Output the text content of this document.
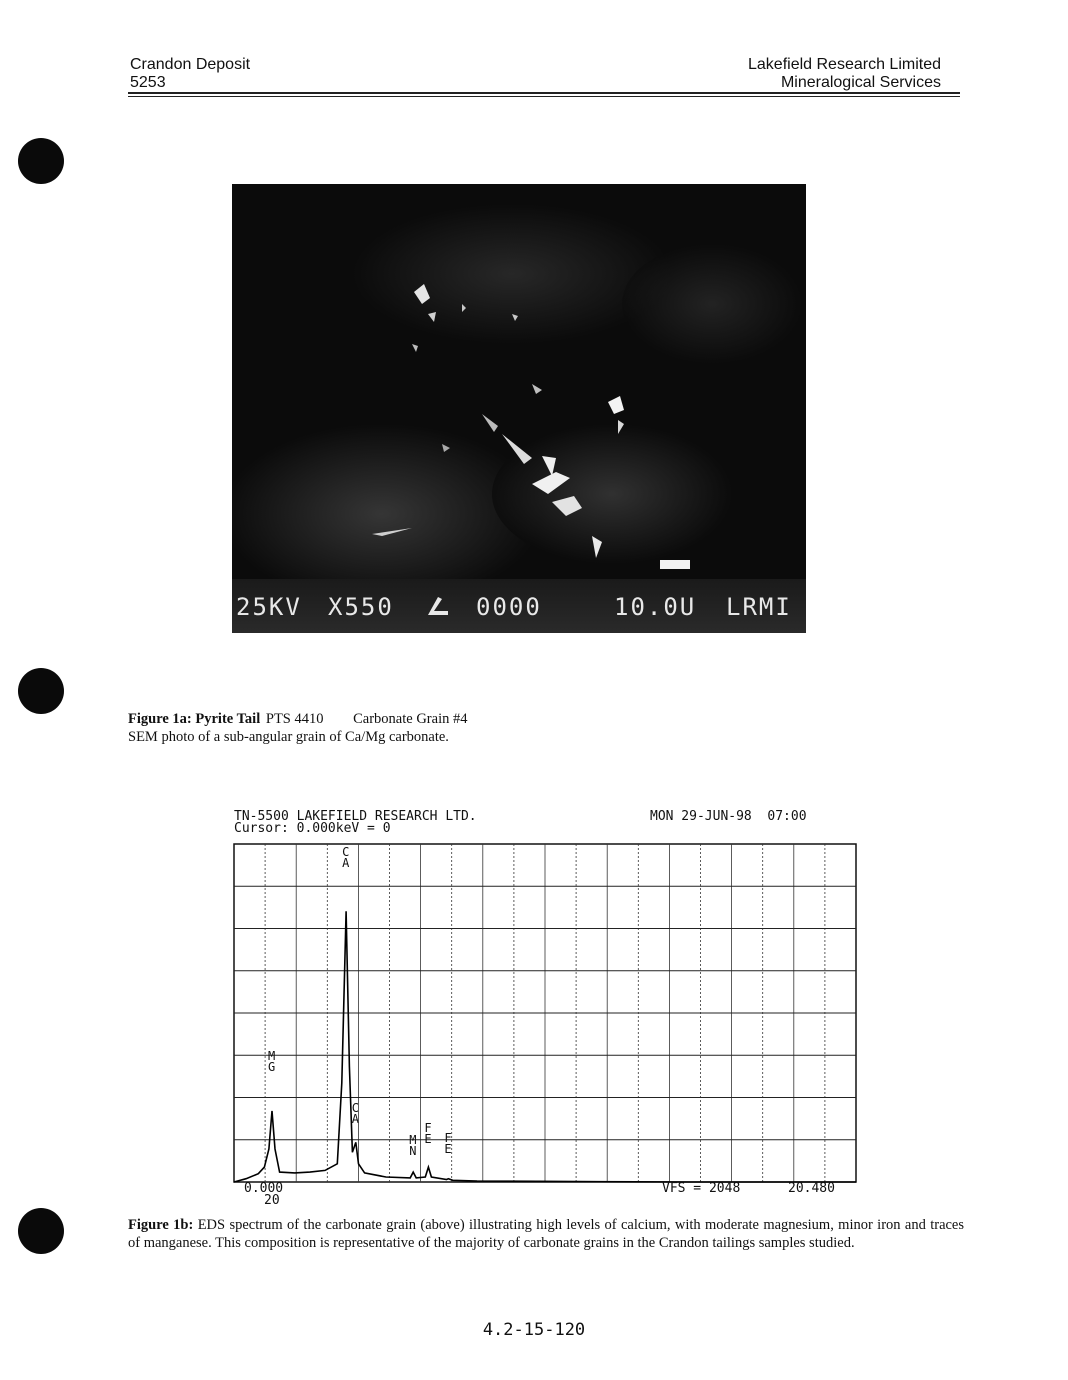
Crandon Deposit
5253
Lakefield Research Limited
Mineralogical Services
25KV X550	0000	10.0U LRMI
Figure 1a: Pyrite Tail PTS 4410 Carbonate Grain #4
SEM photo of a sub-angular grain of Ca/Mg carbonate.
TN-5500 LAKEFIELD RESEARCH LTD.	MON 29-JUN-98  07:00
Cursor: 0.000keV = 0
C A
M G
C A
M N
F E F E
0.000
20
VFS = 2048	20.480
Figure 1b: EDS spectrum of the carbonate grain (above) illustrating high levels of calcium, with moderate magnesium, minor iron and traces of manganese. This composition is representative of the majority of carbonate grains in the Crandon tailings samples studied.
4.2-15-120
